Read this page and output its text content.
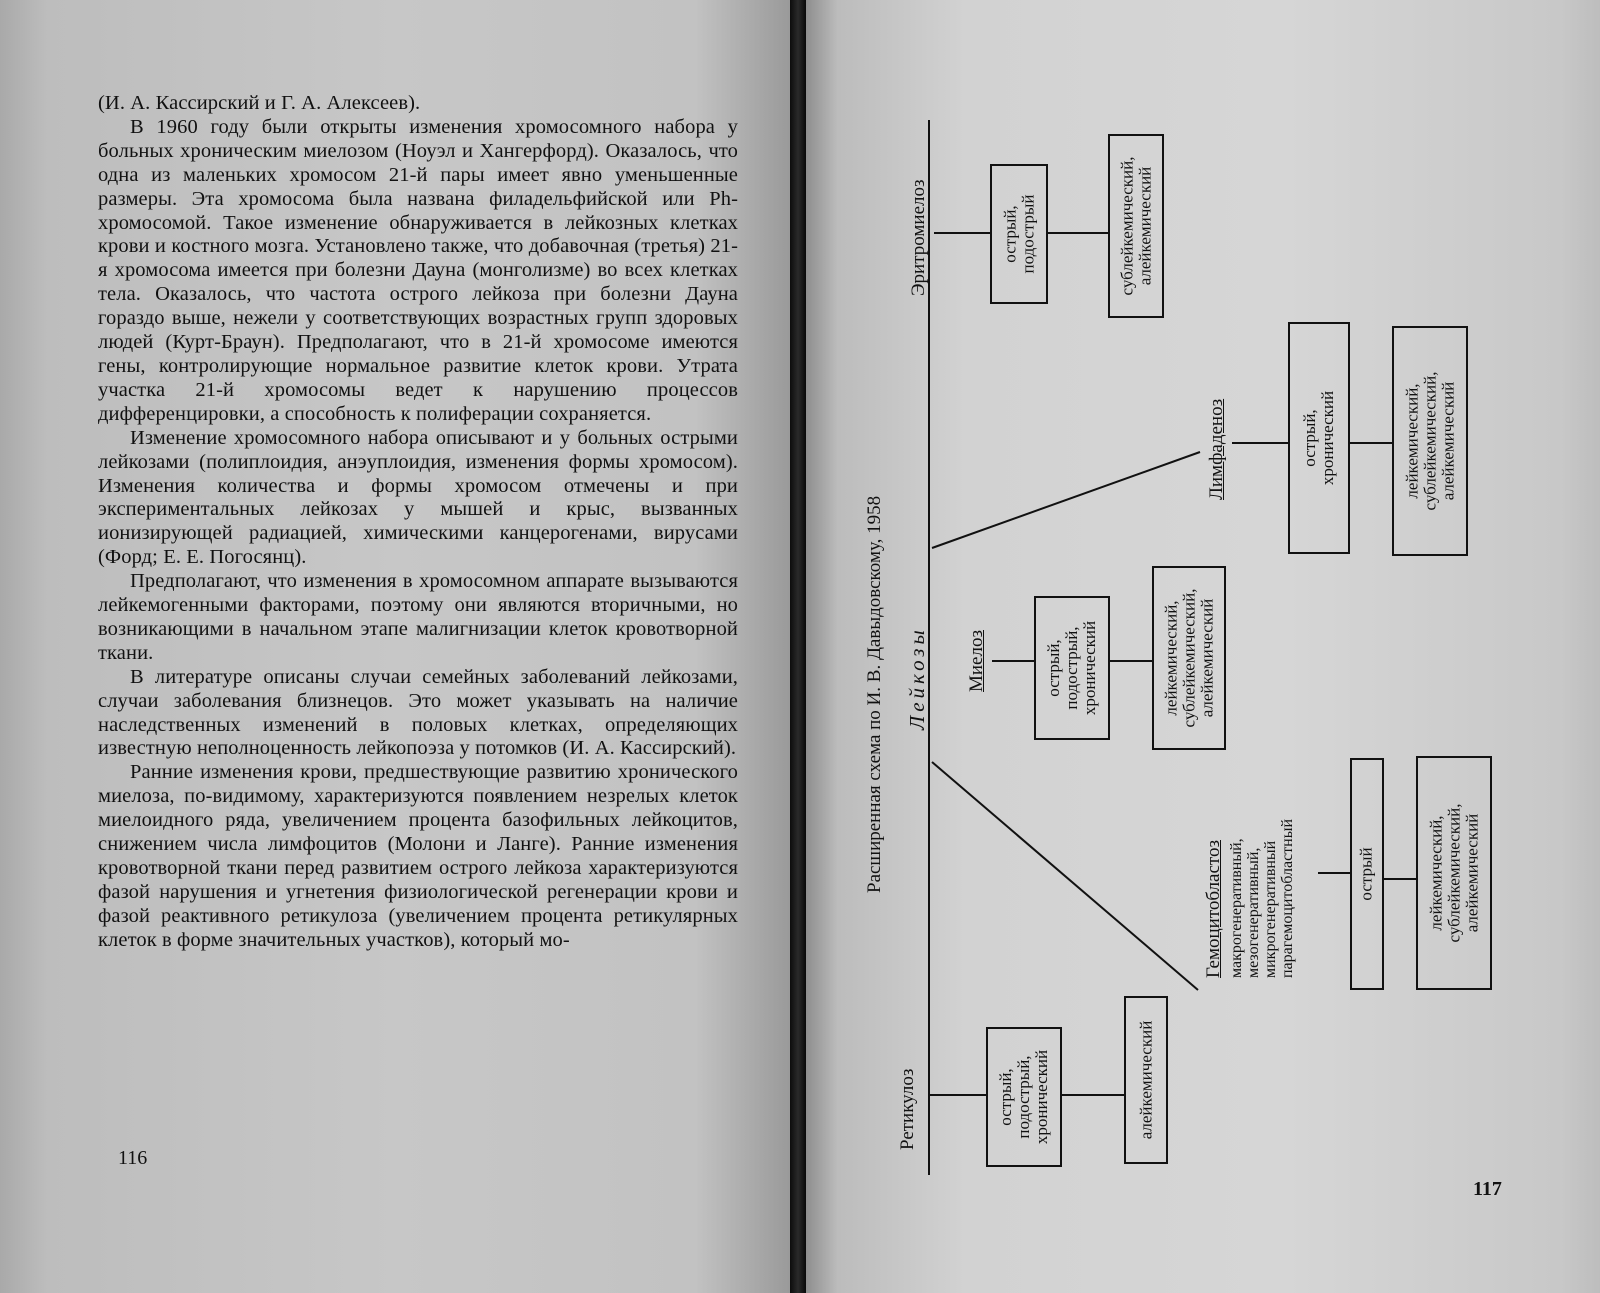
(И. А. Кассирский и Г. А. Алексеев).

В 1960 году были открыты изменения хромосомного набора у больных хроническим миелозом (Ноуэл и Хангерфорд). Оказалось, что одна из маленьких хромосом 21-й пары имеет явно уменьшенные размеры. Эта хромосома была названа филадельфийской или Ph-хромосомой. Такое изменение обнаруживается в лейкозных клетках крови и костного мозга. Установлено также, что добавочная (третья) 21-я хромосома имеется при болезни Дауна (монголизме) во всех клетках тела. Оказалось, что частота острого лейкоза при болезни Дауна гораздо выше, нежели у соответствующих возрастных групп здоровых людей (Курт-Браун). Предполагают, что в 21-й хромосоме имеются гены, контролирующие нормальное развитие клеток крови. Утрата участка 21-й хромосомы ведет к нарушению процессов дифференцировки, а способность к полиферации сохраняется.

Изменение хромосомного набора описывают и у больных острыми лейкозами (полиплоидия, анэуплоидия, изменения формы хромосом). Изменения количества и формы хромосом отмечены и при экспериментальных лейкозах у мышей и крыс, вызванных ионизирующей радиацией, химическими канцерогенами, вирусами (Форд; Е. Е. Погосянц).

Предполагают, что изменения в хромосомном аппарате вызываются лейкемогенными факторами, поэтому они являются вторичными, но возникающими в начальном этапе малигнизации клеток кровотворной ткани.

В литературе описаны случаи семейных заболеваний лейкозами, случаи заболевания близнецов. Это может указывать на наличие наследственных изменений в половых клетках, определяющих известную неполноценность лейкопоэза у потомков (И. А. Кассирский).

Ранние изменения крови, предшествующие развитию хронического миелоза, по-видимому, характеризуются появлением незрелых клеток миелоидного ряда, увеличением процента базофильных лейкоцитов, снижением числа лимфоцитов (Молони и Ланге). Ранние изменения кровотворной ткани перед развитием острого лейкоза характеризуются фазой нарушения и угнетения физиологической регенерации крови и фазой реактивного ретикулоза (увеличением процента ретикулярных клеток в форме значительных участков), который мо-

116
Расширенная схема по И. В. Давыдовскому, 1958 Лейкозы
Ретикулоз	острый, подострый, хронический	алейкемический
Гемоцитобластоз макрогенеративный, мезогенеративный, микрогенеративный парагемоцитобластный	острый	лейкемический, сублейкемический, алейкемический
Миелоз	острый, подострый, хронический	лейкемический, сублейкемический, алейкемический
Лимфаденоз	острый, хронический	лейкемический, сублейкемический, алейкемический
Эритромиелоз	острый, подострый	сублейкемический, алейкемический
117
